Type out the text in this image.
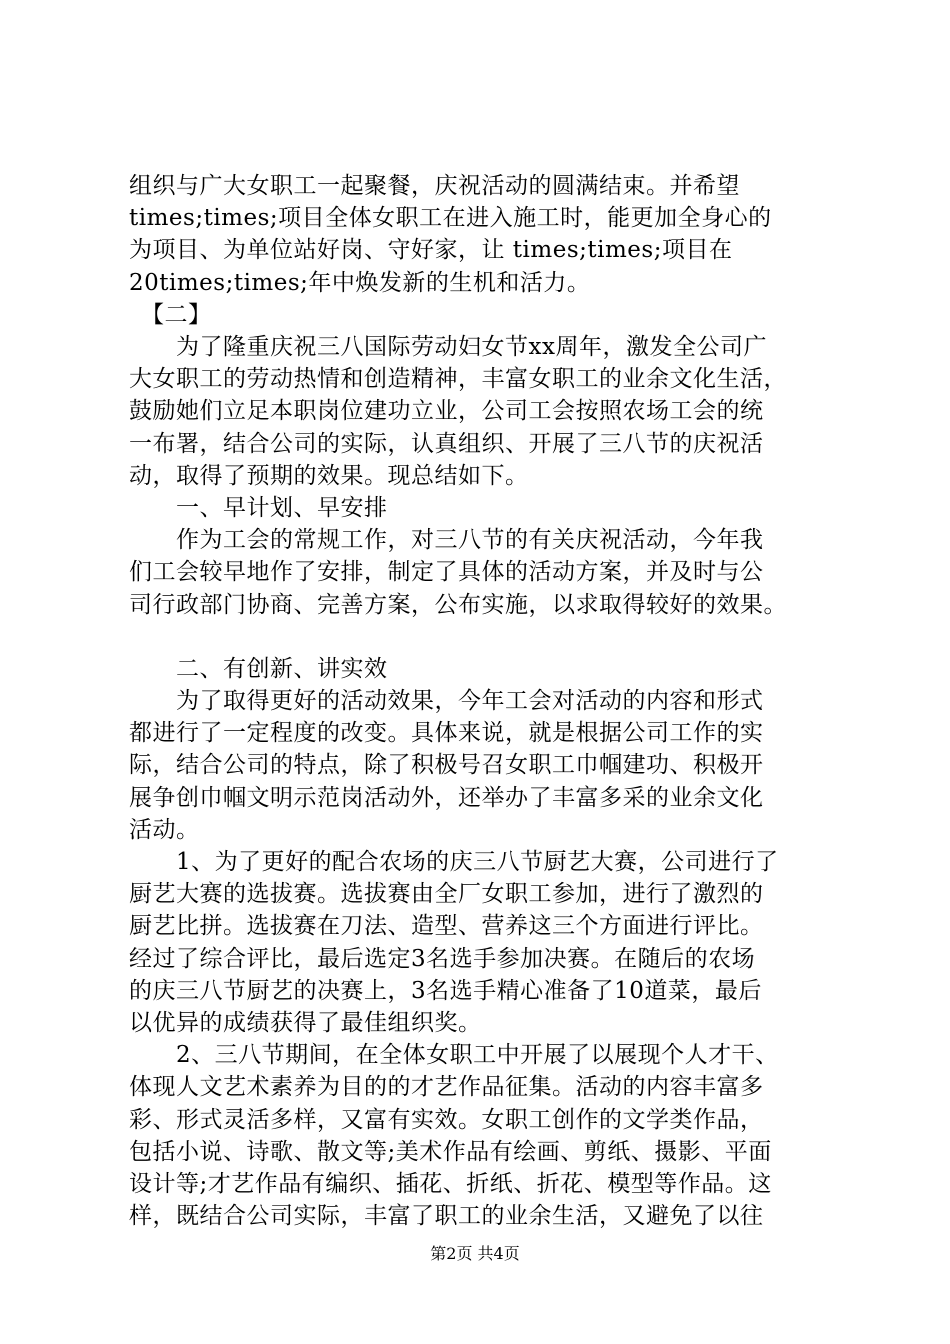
组织与广大女职工一起聚餐，庆祝活动的圆满结束。并希望
times;times;项目全体女职工在进入施工时，能更加全身心的
为项目、为单位站好岗、守好家，让 times;times;项目在
20times;times;年中焕发新的生机和活力。
　【二】
　　为了隆重庆祝三八国际劳动妇女节xx周年，激发全公司广
大女职工的劳动热情和创造精神，丰富女职工的业余文化生活，
鼓励她们立足本职岗位建功立业，公司工会按照农场工会的统
一布署，结合公司的实际，认真组织、开展了三八节的庆祝活
动，取得了预期的效果。现总结如下。
　　一、早计划、早安排
　　作为工会的常规工作，对三八节的有关庆祝活动，今年我
们工会较早地作了安排，制定了具体的活动方案，并及时与公
司行政部门协商、完善方案，公布实施，以求取得较好的效果。
　　二、有创新、讲实效
　　为了取得更好的活动效果，今年工会对活动的内容和形式
都进行了一定程度的改变。具体来说，就是根据公司工作的实
际，结合公司的特点，除了积极号召女职工巾帼建功、积极开
展争创巾帼文明示范岗活动外，还举办了丰富多采的业余文化
活动。
　　1、为了更好的配合农场的庆三八节厨艺大赛，公司进行了
厨艺大赛的选拔赛。选拔赛由全厂女职工参加，进行了激烈的
厨艺比拼。选拔赛在刀法、造型、营养这三个方面进行评比。
经过了综合评比，最后选定3名选手参加决赛。在随后的农场
的庆三八节厨艺的决赛上，3名选手精心准备了10道菜，最后
以优异的成绩获得了最佳组织奖。
　　2、三八节期间，在全体女职工中开展了以展现个人才干、
体现人文艺术素养为目的的才艺作品征集。活动的内容丰富多
彩、形式灵活多样，又富有实效。女职工创作的文学类作品，
包括小说、诗歌、散文等;美术作品有绘画、剪纸、摄影、平面
设计等;才艺作品有编织、插花、折纸、折花、模型等作品。这
样，既结合公司实际，丰富了职工的业余生活，又避免了以往
第2页 共4页
